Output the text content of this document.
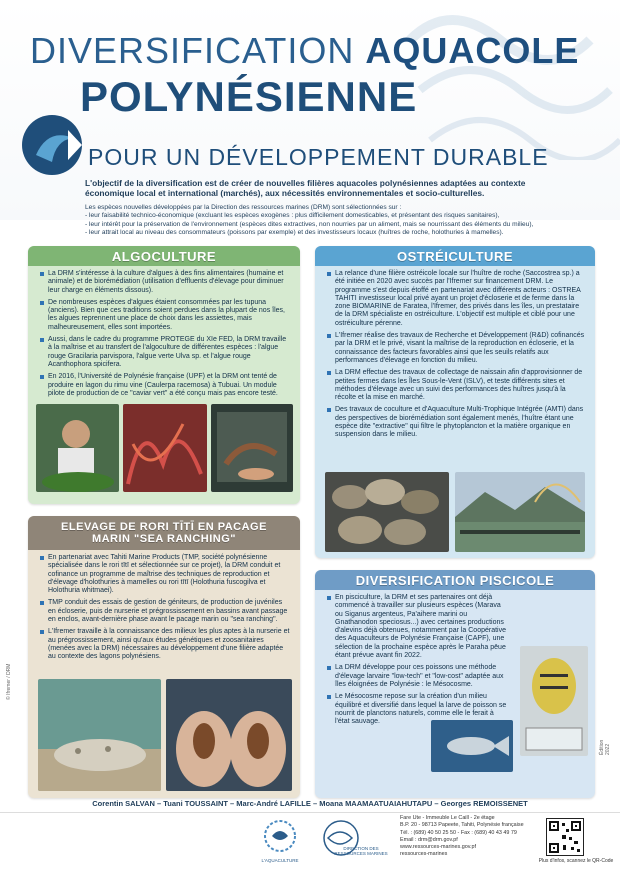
DIVERSIFICATION AQUACOLE
POLYNÉSIENNE
POUR UN DÉVELOPPEMENT DURABLE
L'objectif de la diversification est de créer de nouvelles filières aquacoles polynésiennes adaptées au contexte économique local et international (marchés), aux nécessités environnementales et socio-culturelles.
Les espèces nouvelles développées par la Direction des ressources marines (DRM) sont sélectionnées sur :
- leur faisabilité technico-économique (excluant les espèces exogènes : plus difficilement domesticables, et présentant des risques sanitaires),
- leur intérêt pour la préservation de l'environnement (espèces dites extractives, non nourries par un aliment, mais se nourrissant des éléments du milieu),
- leur attrait local au niveau des consommateurs (poissons par exemple) et des investisseurs locaux (huîtres de roche, holothuries à mamelles).
ALGOCULTURE
La DRM s'intéresse à la culture d'algues à des fins alimentaires (humaine et animale) et de biorémédiation (utilisation d'effluents d'élevage pour diminuer leur charge en éléments dissous).
De nombreuses espèces d'algues étaient consommées par les tupuna (anciens). Bien que ces traditions soient perdues dans la plupart de nos îles, les algues reprennent une place de choix dans les assiettes, mais malheureusement, elles sont importées.
Aussi, dans le cadre du programme PROTEGE du XIe FED, la DRM travaille à la maîtrise et au transfert de l'algoculture de différentes espèces : l'algue rouge Gracilaria parvispora, l'algue verte Ulva sp. et l'algue rouge Acanthophora spicifera.
En 2016, l'Université de Polynésie française (UPF) et la DRM ont tenté de produire en lagon du rimu vine (Caulerpa racemosa) à Tubuai. Un module pilote de production de ce "caviar vert" a été conçu mais pas encore testé.
OSTRÉICULTURE
La relance d'une filière ostréicole locale sur l'huître de roche (Saccostrea sp.) a été initiée en 2020 avec succès par l'Ifremer sur financement DRM. Le programme s'est depuis étoffé en partenariat avec différents acteurs : OSTREA TAHITI investisseur local privé ayant un projet d'écloserie et de ferme dans la zone BIOMARINE de Faratea, l'Ifremer, des privés dans les îles, un prestataire de la DRM spécialiste en ostréiculture. L'objectif est multiple et ciblé pour une ostréiculture pérenne.
L'Ifremer réalise des travaux de Recherche et Développement (R&D) cofinancés par la DRM et le privé, visant la maîtrise de la reproduction en écloserie, et la connaissance des facteurs favorables ainsi que les seuils relatifs aux performances d'élevage en fonction du milieu.
La DRM effectue des travaux de collectage de naissain afin d'approvisionner de petites fermes dans les Îles Sous-le-Vent (ISLV), et teste différents sites et méthodes d'élevage avec un suivi des performances des huîtres jusqu'à la récolte et la mise en marché.
Des travaux de coculture et d'Aquaculture Multi-Trophique Intégrée (AMTI) dans des perspectives de biorémédiation sont également menés, l'huître étant une espèce dite "extractive" qui filtre le phytoplancton et la matière organique en suspension dans le milieu.
ELEVAGE DE RORI TĪTĪ EN PACAGE
MARIN "SEA RANCHING"
En partenariat avec Tahiti Marine Products (TMP, société polynésienne spécialisée dans le rori tītī et sélectionnée sur ce projet), la DRM conduit et cofinance un programme de maîtrise des techniques de reproduction et d'élevage d'holothuries à mamelles ou rori tītī (Holothuria fuscogilva et Holothuria whitmaei).
TMP conduit des essais de gestion de géniteurs, de production de juvéniles en écloserie, puis de nurserie et prégrossissement en bassins avant passage en enclos, avant-dernière phase avant le pacage marin ou "sea ranching".
L'Ifremer travaille à la connaissance des milieux les plus aptes à la nurserie et au prégrossissement, ainsi qu'aux études génétiques et zoosanitaires (menées avec la DRM) nécessaires au développement d'une filière adaptée au contexte des lagons polynésiens.
DIVERSIFICATION PISCICOLE
En pisciculture, la DRM et ses partenaires ont déjà commencé à travailler sur plusieurs espèces (Marava ou Siganus argenteus, Pa'aihere marini ou Gnathanodon speciosus...) avec certaines productions d'alevins déjà obtenues, notamment par la Coopérative des Aquaculteurs de Polynésie Française (CAPF), une sélection de la prochaine espèce après le Paraha pēue étant prévue avant fin 2022.
La DRM développe pour ces poissons une méthode d'élevage larvaire "low-tech" et "low-cost" adaptée aux îles éloignées de Polynésie : le Mésocosme.
Le Mésocosme repose sur la création d'un milieu équilibré et diversifié dans lequel la larve de poisson se nourrit de planctons naturels, comme elle le ferait à l'état sauvage.
Corentin SALVAN – Tuani TOUSSAINT – Marc-André LAFILLE – Moana MAAMAATUAIAHUTAPU – Georges REMOISSENET
L'AQUACULTURE
DIRECTION DES RESSOURCES MARINES
Fare Ute - Immeuble Le Caill - 2e étage
B.P. 20 - 98713 Papeete, Tahiti, Polynésie française
Tél. : (689) 40 50 25 50 - Fax : (689) 40 43 49 79
Email : drm@drm.gov.pf
www.ressources-marines.gov.pf
ressources-marines
Plus d'infos, scannez le QR-Code
© Ifremer / DRM
Édition 2022
